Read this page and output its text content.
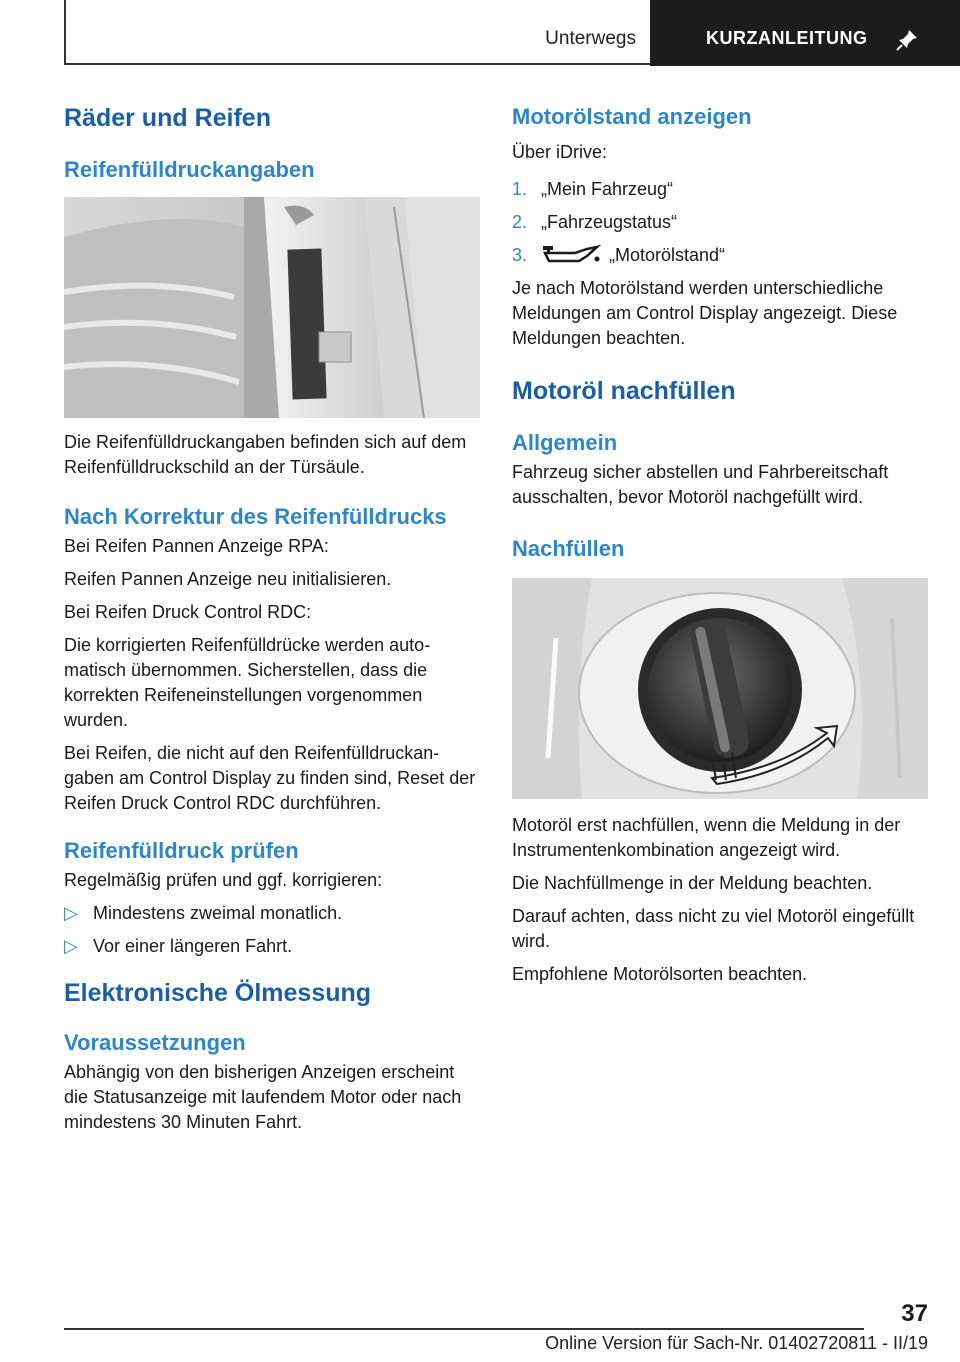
Unterwegs	KURZANLEITUNG
Räder und Reifen
Reifenfülldruckangaben

Die Reifenfülldruckangaben befinden sich auf dem Reifenfülldruckschild an der Türsäule.

Nach Korrektur des Reifenfülldrucks

Bei Reifen Pannen Anzeige RPA:

Reifen Pannen Anzeige neu initialisieren.

Bei Reifen Druck Control RDC:

Die korrigierten Reifenfülldrücke werden automatisch übernommen. Sicherstellen, dass die korrekten Reifeneinstellungen vorgenommen wurden.

Bei Reifen, die nicht auf den Reifenfülldruckangaben am Control Display zu finden sind, Reset der Reifen Druck Control RDC durchführen.

Reifenfülldruck prüfen

Regelmäßig prüfen und ggf. korrigieren:

▷ Mindestens zweimal monatlich.
▷ Vor einer längeren Fahrt.
Elektronische Ölmessung
Voraussetzungen

Abhängig von den bisherigen Anzeigen erscheint die Statusanzeige mit laufendem Motor oder nach mindestens 30 Minuten Fahrt.

Motorölstand anzeigen

Über iDrive:

1. „Mein Fahrzeug“
2. „Fahrzeugstatus“
3.	„Motorölstand“

Je nach Motorölstand werden unterschiedliche Meldungen am Control Display angezeigt. Diese Meldungen beachten.

Motoröl nachfüllen
Allgemein

Fahrzeug sicher abstellen und Fahrbereitschaft ausschalten, bevor Motoröl nachgefüllt wird.

Nachfüllen

Motoröl erst nachfüllen, wenn die Meldung in der Instrumentenkombination angezeigt wird.

Die Nachfüllmenge in der Meldung beachten.

Darauf achten, dass nicht zu viel Motoröl eingefüllt wird.

Empfohlene Motorölsorten beachten.

37
Online Version für Sach-Nr. 01402720811 - II/19
